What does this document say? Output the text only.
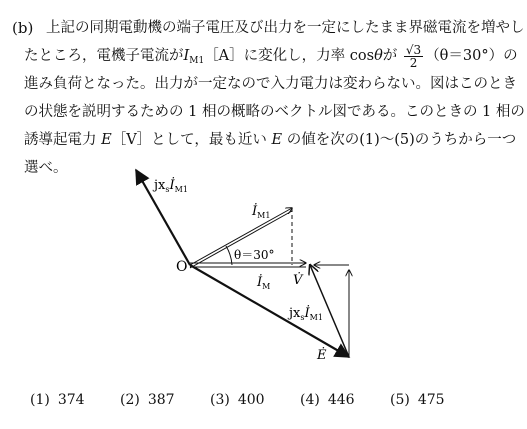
(b) 上記の同期電動機の端子電圧及び出力を一定にしたまま界磁電流を増やし
たところ，電機子電流が$I_{M1}[A]$に変化し，力率 cosθが $\frac{√3}{2} (\theta=30^\circ)$の
進み負荷となった。出力が一定なので入力電力は変わらない。図はこのとき
の状態を説明するための 1 相の概略のベクトル図である。このときの 1 相の
誘導起電力 E［V］として，最も近い E の値を次の(1)～(5)のうちから一つ
選べ。
O
θ＝30°
$jx_sİ_{M1}$
$İ_{M1}$
$İ_M$ V̇
$jx_sİ_{M1}$
Ė
(1) 374	(2) 387	(3) 400	(4) 446	(5) 475
